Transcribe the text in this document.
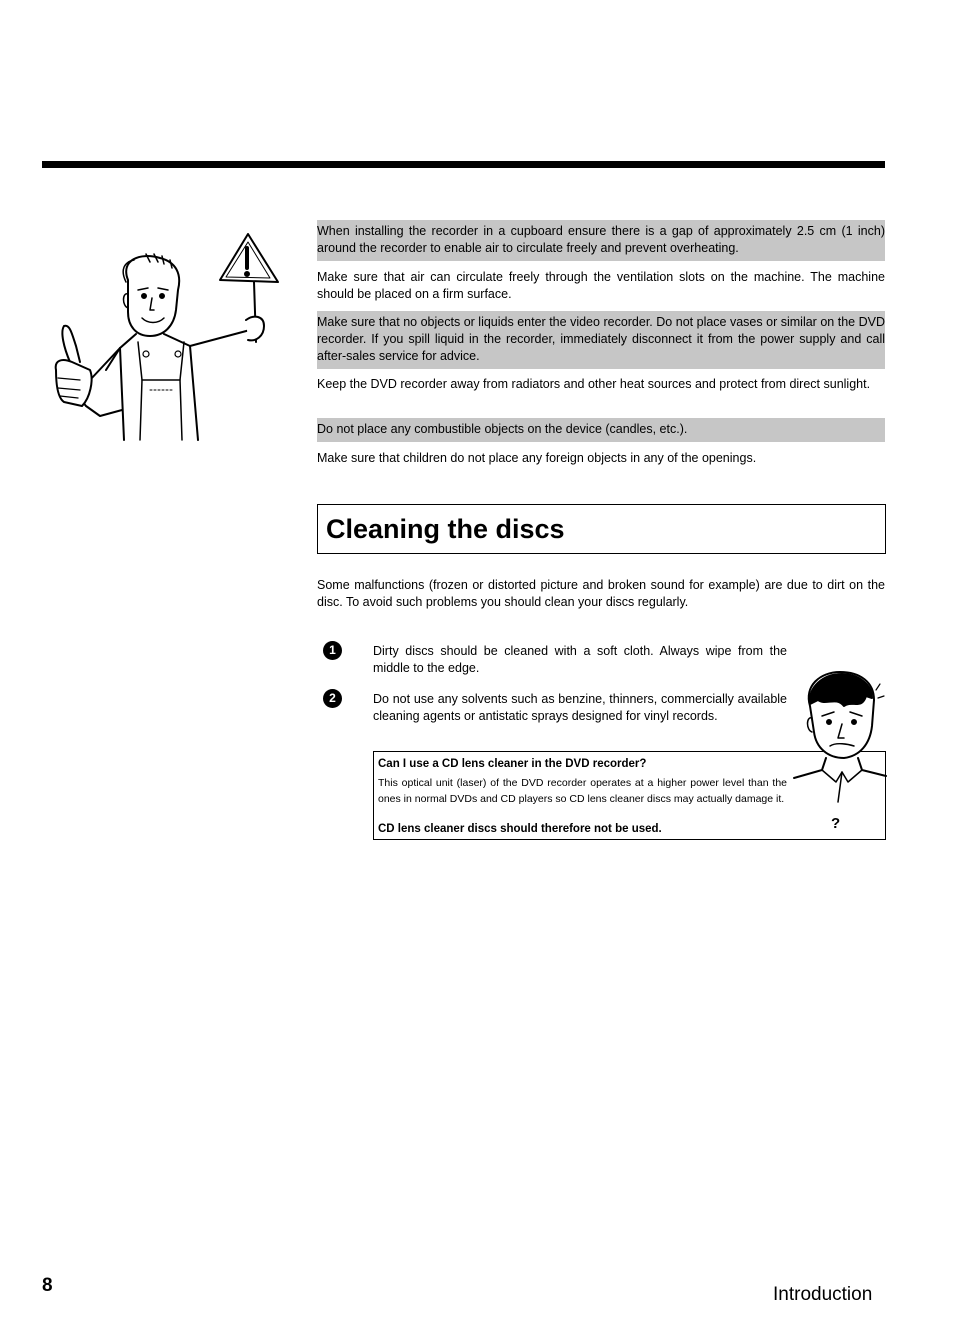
When installing the recorder in a cupboard ensure there is a gap of approximately 2.5 cm (1 inch) around the recorder to enable air to circulate freely and prevent overheating.
Make sure that air can circulate freely through the ventilation slots on the machine. The machine should be placed on a firm surface.
Make sure that no objects or liquids enter the video recorder. Do not place vases or similar on the DVD recorder. If you spill liquid in the recorder, immediately disconnect it from the power supply and call after-sales service for advice.
Keep the DVD recorder away from radiators and other heat sources and protect from direct sunlight.
Do not place any combustible objects on the device (candles, etc.).
Make sure that children do not place any foreign objects in any of the openings.
Cleaning the discs
Some malfunctions (frozen or distorted picture and broken sound for example) are due to dirt on the disc. To avoid such problems you should clean your discs regularly.
1	Dirty discs should be cleaned with a soft cloth. Always wipe from the middle to the edge.
2	Do not use any solvents such as benzine, thinners, commercially available cleaning agents or antistatic sprays designed for vinyl records.
Can I use a CD lens cleaner in the DVD recorder?
This optical unit (laser) of the DVD recorder operates at a higher power level than the ones in normal DVDs and CD players so CD lens cleaner discs may actually damage it.
CD lens cleaner discs should therefore not be used.	?
8	Introduction
